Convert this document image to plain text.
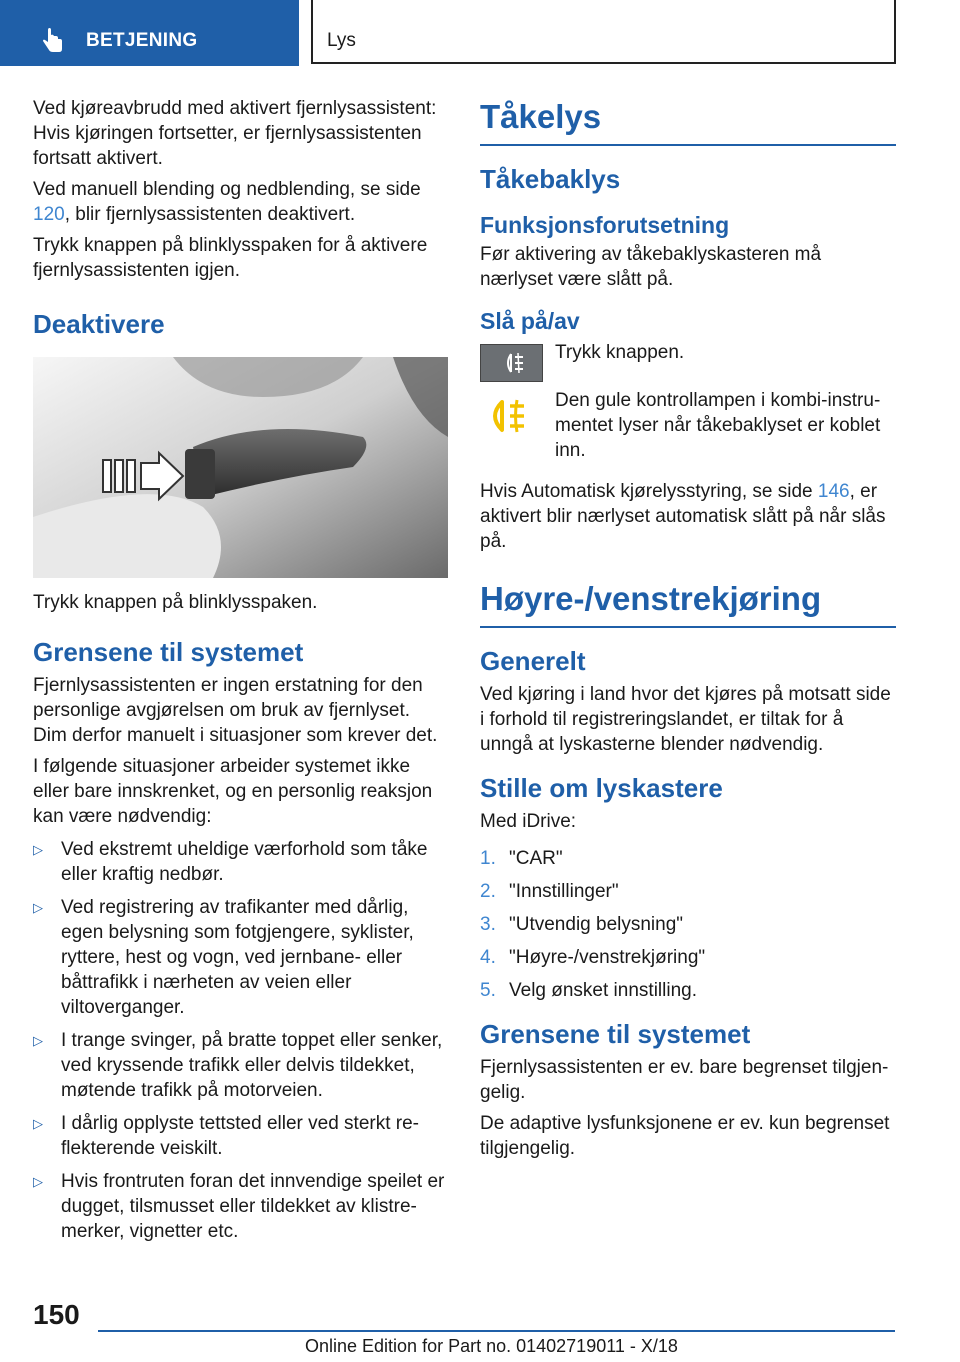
BETJENING	Lys

Ved kjøreavbrudd med aktivert fjernlysassistent: Hvis kjøringen fortsetter, er fjernlysassistenten fortsatt aktivert.

Ved manuell blending og nedblending, se side 120, blir fjernlysassistenten deaktivert.

Trykk knappen på blinklysspaken for å aktivere fjernlysassistenten igjen.

Deaktivere

Trykk knappen på blinklysspaken.

Grensene til systemet

Fjernlysassistenten er ingen erstatning for den personlige avgjørelsen om bruk av fjernlyset. Dim derfor manuelt i situasjoner som krever det.

I følgende situasjoner arbeider systemet ikke eller bare innskrenket, og en personlig reaksjon kan være nødvendig:

▷ Ved ekstremt uheldige værforhold som tåke eller kraftig nedbør.
▷ Ved registrering av trafikanter med dårlig, egen belysning som fotgjengere, syklister, ryttere, hest og vogn, ved jernbane- eller båttrafikk i nærheten av veien eller viltoverganger.
▷ I trange svinger, på bratte toppet eller senker, ved kryssende trafikk eller delvis tildekket, møtende trafikk på motorveien.
▷ I dårlig opplyste tettsted eller ved sterkt reflekterende veiskilt.
▷ Hvis frontruten foran det innvendige speilet er dugget, tilsmusset eller tildekket av klistremerker, vignetter etc.
Tåkelys
Tåkebaklys
Funksjonsforutsetning

Før aktivering av tåkebaklyskasteren må nærlyset være slått på.

Slå på/av

Trykk knappen.

Den gule kontrollampen i kombi-instrumentet lyser når tåkebaklyset er koblet inn.

Hvis Automatisk kjørelysstyring, se side 146, er aktivert blir nærlyset automatisk slått på når slås på.

Høyre-/venstrekjøring
Generelt

Ved kjøring i land hvor det kjøres på motsatt side i forhold til registreringslandet, er tiltak for å unngå at lyskasterne blender nødvendig.

Stille om lyskastere

Med iDrive:

1. "CAR"
2. "Innstillinger"
3. "Utvendig belysning"
4. "Høyre-/venstrekjøring"
5. Velg ønsket innstilling.
Grensene til systemet

Fjernlysassistenten er ev. bare begrenset tilgjengelig.

De adaptive lysfunksjonene er ev. kun begrenset tilgjengelig.

150
Online Edition for Part no. 01402719011 - X/18
